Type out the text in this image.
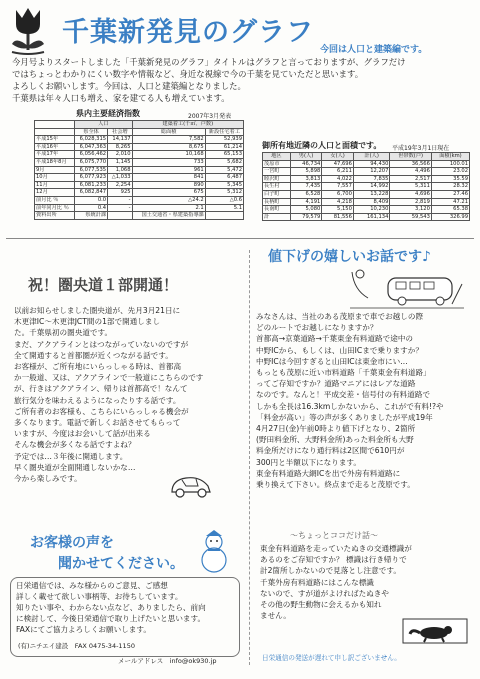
千葉新発見のグラフ
今回は人口と建築編です。
今月号よりスタートしました「千葉新発見のグラフ」タイトルはグラフと言っておりますが、グラフだけ
ではちょっとわかりにくい数字や情報など、身近な視線で今の千葉を見ていただと思います。
よろしくお願いします。今回は、人口と建築編となりました。
千葉県は年々人口も増え、家を建てる人も増えています。
県内主要経済指数	2007年3月発表
	人口		建築着工(千㎡、戸数)	
	県全体	社会増	総面積	新設住宅着工
平成15年	6,028,315	14,137	7,582	52,939
平成16年	6,047,363	8,265	8,675	61,214
平成17年	6,056,462	2,010	10,168	65,153
平成18年8月	6,075,770	1,145	733	5,682
9月	6,077,535	1,068	961	5,472
10月	6,077,923	△1,033	841	6,487
11月	6,081,233	2,254	890	5,345
12月	6,082,847	925	675	5,312
前月比 ％	0.0	-	△24.2	△0.6
前年同月比 ％	0.4	-	2.1	5.1
資料出所	県統計課		国土交通省・県建築指導課	
御所有地近隣の人口と面積です。 平成19年3月1日現在
地区	男(人)	女(人)	計(人)	世帯数(戸)	面積(km)
茂原市	46,734	47,696	94,430	36,566	100.01
一宮町	5,898	6,211	12,207	4,496	23.02
睦沢町	3,813	4,022	7,835	2,517	35.59
長生村	7,435	7,557	14,992	5,311	28.32
白子町	6,528	6,700	13,228	4,696	27.46
長柄町	4,191	4,218	8,409	2,819	47.21
長南町	5,080	5,150	10,230	3,120	65.38
計	79,579	81,556	161,134	59,543	326.99
祝！圏央道１部開通！
以前お知らせしました圏央道が、先月3月21日に
木更津IC〜木更津JCT間の1部で開通しまし
た。千葉県初の圏央道です。
まだ、アクアラインとはつながっていないのですが
全て開通すると首都圏が近くつながる話です。
お客様が、ご所有地にいらっしゃる時は、首都高
か一般道、又は、アクアラインで一般道にこちらのです
が、行きはアクアライン、帰りは首都高で！なんて
旅行気分を味わえるようになったりする話です。
ご所有者のお客様も、こちらにいらっしゃる機会が
多くなります。電話で新しくお話させてもらって
いますが、今度はお会いして話が出来る
そんな機会が多くなる話ですよね？
予定では…３年後に開通します。
早く圏央道が全面開通しないかな…
今から楽しみです。
お客様の声を
聞かせてください。
日栄通信では、みな様からのご意見、ご感想
詳しく載せて欲しい事柄等、お待ちしています。
知りたい事や、わからない点など、ありましたら、前向
に検討して、今後日栄通信で取り上げたいと思います。
FAXにてご協力よろしくお願いします。
(有)ニチエイ建設　FAX 0475-34-1150
メールアドレス　info@ok930.jp
値下げの嬉しいお話です♪
みなさんは、当社のある茂原まで車でお越しの際
どのルートでお越しになりますか？
首都高→京葉道路→千葉東金有料道路で途中の
中野ICから、もしくは、山田ICまで乗りますか？
中野ICは今回すぎると山田ICは東金市にい…
もっとも茂原に近い市料道路「千葉東金有料道路」
ってご存知ですか？道路マニアにはレアな道路
なのです。なんと！平成交差・信号付の有料道路で
しかも全長は16.3kmしかないから、これがで有料!?や
「料金が高い」等の声が多くありましたが平成19年
4月27日(金)午前0時より値下げとなり、2箇所
(野田料金所、大野料金所)あった料金所も大野
料金所だけになり通行料は2区間で610円が
300円と半額以下になります。
東金有料道路大網ICを出で外房有料道路に
乗り換えて下さい。終点まで走ると茂原です。
〜ちょっとココだけ話〜
東金有料道路を走っていたぬきの交通標識が
あるのをご存知ですか？ 標識は行き帰りで
計2箇所しかないので見落とし注意です。
千葉外房有料道路にはこんな標識
ないので、すが道がよければたぬきや
その他の野生動物に会えるかも知れ
ません。
日栄通信の発送が遅れて申し訳ございません。
